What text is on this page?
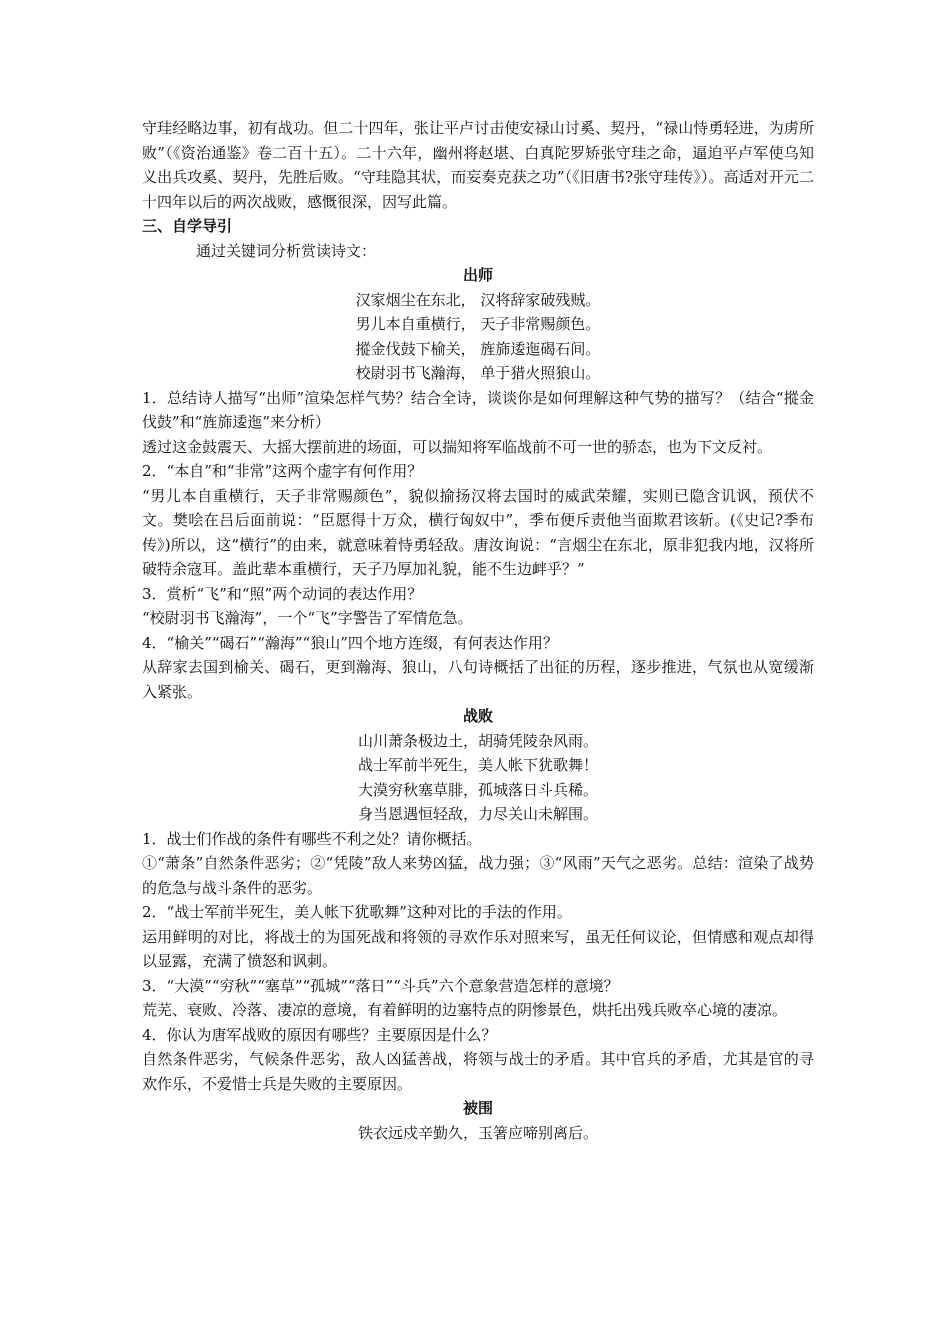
守珪经略边事，初有战功。但二十四年，张让平卢讨击使安禄山讨奚、契丹，“禄山恃勇轻进，为虏所败”（《资治通鉴》卷二百十五）。二十六年，幽州将赵堪、白真陀罗矫张守珪之命，逼迫平卢军使乌知义出兵攻奚、契丹，先胜后败。“守珪隐其状，而妄奏克获之功”（《旧唐书?张守珪传》）。高适对开元二十四年以后的两次战败，感慨很深，因写此篇。

三、自学导引

通过关键词分析赏读诗文：

出师

汉家烟尘在东北， 汉将辞家破残贼。

男儿本自重横行， 天子非常赐颜色。

摐金伐鼓下榆关， 旌旆逶迤碣石间。

校尉羽书飞瀚海， 单于猎火照狼山。

1．总结诗人描写“出师”渲染怎样气势？结合全诗，谈谈你是如何理解这种气势的描写？（结合“摐金伐鼓”和“旌旆逶迤”来分析）

透过这金鼓震天、大摇大摆前进的场面，可以揣知将军临战前不可一世的骄态，也为下文反衬。

2．“本自”和“非常”这两个虚字有何作用？

“男儿本自重横行，天子非常赐颜色”，貌似揄扬汉将去国时的威武荣耀，实则已隐含讥讽，预伏不文。樊哙在吕后面前说：“臣愿得十万众，横行匈奴中”，季布便斥责他当面欺君该斩。(《史记?季布传》)所以，这“横行”的由来，就意味着恃勇轻敌。唐汝询说：“言烟尘在东北，原非犯我内地，汉将所破特余寇耳。盖此辈本重横行，天子乃厚加礼貌，能不生边衅乎？”

3．赏析“飞”和“照”两个动词的表达作用？

“校尉羽书飞瀚海”，一个“飞”字警告了军情危急。

4．“榆关”“碣石”“瀚海”“狼山”四个地方连缀，有何表达作用？

从辞家去国到榆关、碣石，更到瀚海、狼山，八句诗概括了出征的历程，逐步推进，气氛也从宽缓渐入紧张。

战败

山川萧条极边土，胡骑凭陵杂风雨。

战士军前半死生，美人帐下犹歌舞！

大漠穷秋塞草腓，孤城落日斗兵稀。

身当恩遇恒轻敌，力尽关山未解围。

1．战士们作战的条件有哪些不利之处？请你概括。

①“萧条”自然条件恶劣；②“凭陵”敌人来势凶猛，战力强；③“风雨”天气之恶劣。总结：渲染了战势的危急与战斗条件的恶劣。

2．“战士军前半死生，美人帐下犹歌舞”这种对比的手法的作用。

运用鲜明的对比，将战士的为国死战和将领的寻欢作乐对照来写，虽无任何议论，但情感和观点却得以显露，充满了愤怒和讽刺。

3．“大漠”“穷秋”“塞草”“孤城”“落日”“斗兵”六个意象营造怎样的意境？

荒芜、衰败、冷落、凄凉的意境，有着鲜明的边塞特点的阴惨景色，烘托出残兵败卒心境的凄凉。

4．你认为唐军战败的原因有哪些？主要原因是什么？

自然条件恶劣，气候条件恶劣，敌人凶猛善战，将领与战士的矛盾。其中官兵的矛盾，尤其是官的寻欢作乐，不爱惜士兵是失败的主要原因。

被围

铁衣远戍辛勤久，玉箸应啼别离后。
